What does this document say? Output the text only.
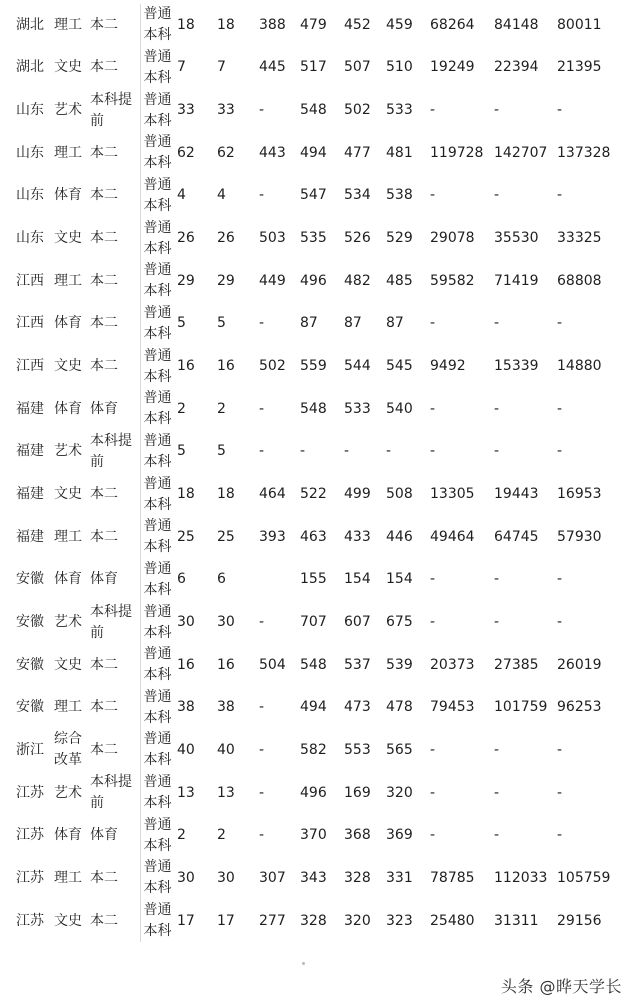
湖北	理工	本二	普通本科	18	18	388	479	452	459	68264	84148	80011
湖北	文史	本二	普通本科	7	7	445	517	507	510	19249	22394	21395
山东	艺术	本科提前	普通本科	33	33	-	548	502	533	-	-	-
山东	理工	本二	普通本科	62	62	443	494	477	481	119728	142707	137328
山东	体育	本二	普通本科	4	4	-	547	534	538	-	-	-
山东	文史	本二	普通本科	26	26	503	535	526	529	29078	35530	33325
江西	理工	本二	普通本科	29	29	449	496	482	485	59582	71419	68808
江西	体育	本二	普通本科	5	5	-	87	87	87	-	-	-
江西	文史	本二	普通本科	16	16	502	559	544	545	9492	15339	14880
福建	体育	体育	普通本科	2	2	-	548	533	540	-	-	-
福建	艺术	本科提前	普通本科	5	5	-	-	-	-	-	-	-
福建	文史	本二	普通本科	18	18	464	522	499	508	13305	19443	16953
福建	理工	本二	普通本科	25	25	393	463	433	446	49464	64745	57930
安徽	体育	体育	普通本科	6	6		155	154	154	-	-	-
安徽	艺术	本科提前	普通本科	30	30	-	707	607	675	-	-	-
安徽	文史	本二	普通本科	16	16	504	548	537	539	20373	27385	26019
安徽	理工	本二	普通本科	38	38	-	494	473	478	79453	101759	96253
浙江	综合改革	本二	普通本科	40	40	-	582	553	565	-	-	-
江苏	艺术	本科提前	普通本科	13	13	-	496	169	320	-	-	-
江苏	体育	体育	普通本科	2	2	-	370	368	369	-	-	-
江苏	理工	本二	普通本科	30	30	307	343	328	331	78785	112033	105759
江苏	文史	本二	普通本科	17	17	277	328	320	323	25480	31311	29156
头条 @晔天学长
